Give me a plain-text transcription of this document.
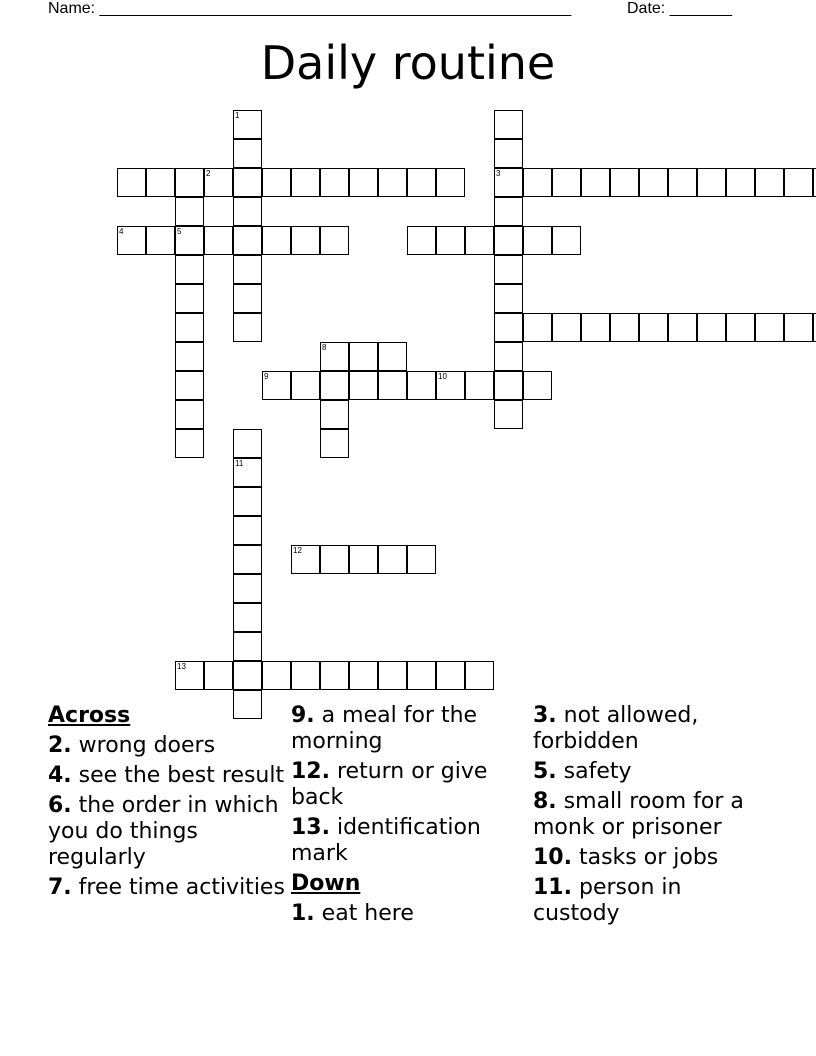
Name: _____________________________________________________	Date: _______
Daily routine
1
2	3
5
4
9	10
8
11
12
13
Across
2. wrong doers
4. see the best result
6. the order in which you do things regularly
7. free time activities
9. a meal for the morning
12. return or give back
13. identification mark
Down
1. eat here
3. not allowed, forbidden
5. safety
8. small room for a monk or prisoner
10. tasks or jobs
11. person in custody
